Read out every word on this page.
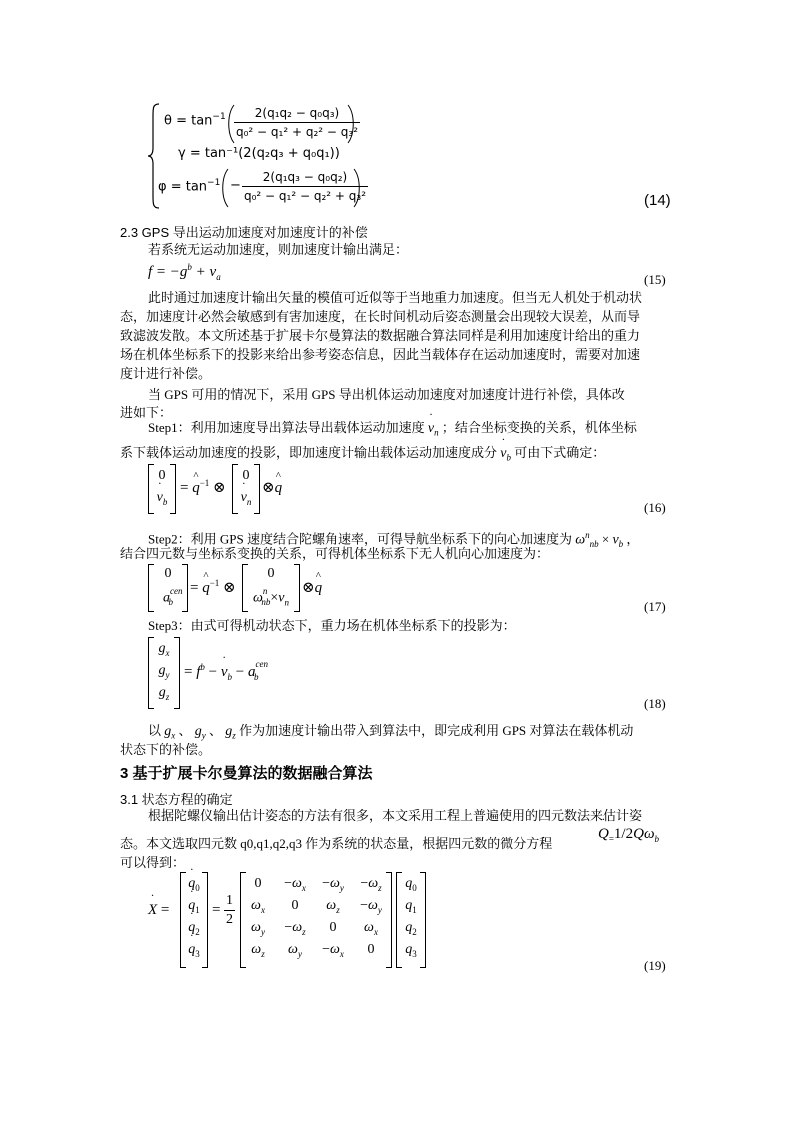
$\theta = \tan^{-1} \frac{\text{2(q₁q₂ − q₀q₃)}}{\text{q₀² − q₁² + q₂² − q₃²}}$
γ = tan⁻¹(2(q₂q₃ + q₀q₁))
$\varphi = \tan^{-1} - \frac{\text{2(q₁q₃ − q₀q₂)}}{\text{q₀² − q₁² − q₂² + q₃²}}$	(14)
2.3 GPS 导出运动加速度对加速度计的补偿
若系统无运动加速度，则加速度计输出满足：
$f = -g^b + v_a$	(15)
此时通过加速度计输出矢量的模值可近似等于当地重力加速度。但当无人机处于机动状
态，加速度计必然会敏感到有害加速度，在长时间机动后姿态测量会出现较大误差，从而导
致滤波发散。本文所述基于扩展卡尔曼算法的数据融合算法同样是利用加速度计给出的重力
场在机体坐标系下的投影来给出参考姿态信息，因此当载体存在运动加速度时，需要对加速
度计进行补偿。
当 GPS 可用的情况下，采用 GPS 导出机体运动加速度对加速度计进行补偿，具体改
进如下：
Step1：利用加速度导出算法导出载体运动加速度 v $˙_n$ ；结合坐标变换的关系，机体坐标
系下载体运动加速度的投影，即加速度计输出载体运动加速度成分 v $˙_b$ 可由下式确定：
0
v $˙_b$
= q ^$^{-1}$ ⊗
0
v $˙_n$
⊗q ^
(16)
Step2：利用 GPS 速度结合陀螺角速率，可得导航坐标系下的向心加速度为 $\omega^n_{nb} \times v_b$ ，
结合四元数与坐标系变换的关系，可得机体坐标系下无人机向心加速度为：
0
$a^{cen}_b$
= q ^$^{-1}$ ⊗
0
$\omega^n_{nb}\times v_n$
⊗q ^
(17)
Step3：由式可得机动状态下，重力场在机体坐标系下的投影为：
$g_x$
$g_y$
$g_z$
= $f^b - v$ $˙_b - a^{cen}_b$
(18)
以 $g_x$ 、 $g_y$ 、 $g_z$ 作为加速度计输出带入到算法中，即完成利用 GPS 对算法在载体机动
状态下的补偿。
3 基于扩展卡尔曼算法的数据融合算法
3.1 状态方程的确定
根据陀螺仪输出估计姿态的方法有很多，本文采用工程上普遍使用的四元数法来估计姿
态。本文选取四元数 q0,q1,q2,q3 作为系统的状态量，根据四元数的微分方程
Q $˙_=1/2Q\omega_b$
可以得到：
X ˙ =
q $˙_0$
q $˙_1$
q $˙_2$
q $˙_3$
= $\frac{1}{2}$
0	$-\omega_x$	$-\omega_y$	$-\omega_z$
$\omega_x$	0	$\omega_z$	$-\omega_y$
$\omega_y$	$-\omega_z$	0	$\omega_x$
$\omega_z$	$\omega_y$	$-\omega_x$	0
$q_0$
$q_1$
$q_2$
$q_3$
(19)
